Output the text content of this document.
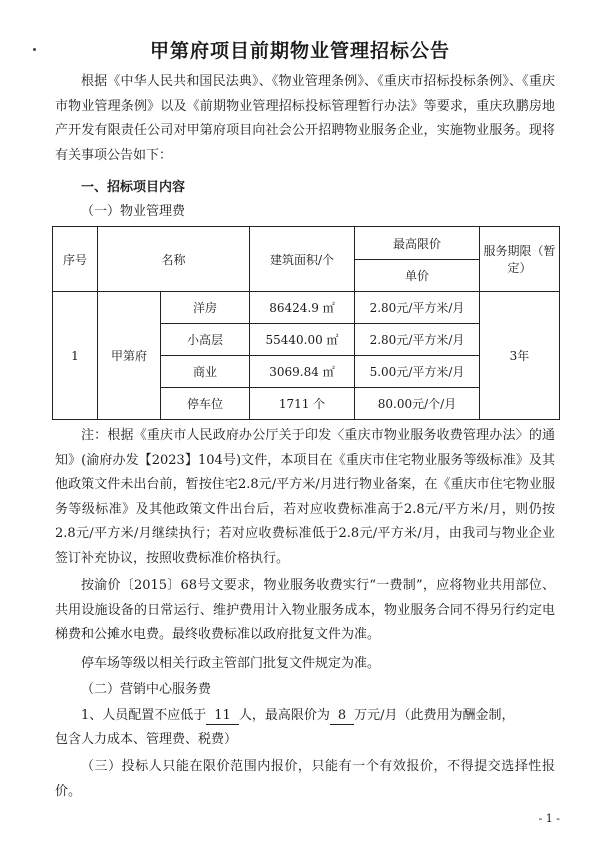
甲第府项目前期物业管理招标公告
根据《中华人民共和国民法典》、《物业管理条例》、《重庆市招标投标条例》、《重庆市物业管理条例》以及《前期物业管理招标投标管理暂行办法》等要求，重庆玖鹏房地产开发有限责任公司对甲第府项目向社会公开招聘物业服务企业，实施物业服务。现将有关事项公告如下：
一、招标项目内容
（一）物业管理费
序号	名称		建筑面积/个	最高限价	服务期限（暂定）
				单价	
1	甲第府	洋房	86424.9 ㎡	2.80元/平方米/月	3年
		小高层	55440.00 ㎡	2.80元/平方米/月	
		商业	3069.84 ㎡	5.00元/平方米/月	
		停车位	1711 个	80.00元/个/月	
注：根据《重庆市人民政府办公厅关于印发〈重庆市物业服务收费管理办法〉的通知》(渝府办发【2023】104号)文件，本项目在《重庆市住宅物业服务等级标准》及其他政策文件未出台前，暂按住宅2.8元/平方米/月进行物业备案，在《重庆市住宅物业服务等级标准》及其他政策文件出台后，若对应收费标准高于2.8元/平方米/月，则仍按2.8元/平方米/月继续执行；若对应收费标准低于2.8元/平方米/月，由我司与物业企业签订补充协议，按照收费标准价格执行。
按渝价〔2015〕68号文要求，物业服务收费实行“一费制”，应将物业共用部位、共用设施设备的日常运行、维护费用计入物业服务成本，物业服务合同不得另行约定电梯费和公摊水电费。最终收费标准以政府批复文件为准。
停车场等级以相关行政主管部门批复文件规定为准。
（二）营销中心服务费
1、人员配置不应低于 11 人，最高限价为 8 万元/月（此费用为酬金制，
包含人力成本、管理费、税费）
（三）投标人只能在限价范围内报价，只能有一个有效报价，不得提交选择性报价。
- 1 -
